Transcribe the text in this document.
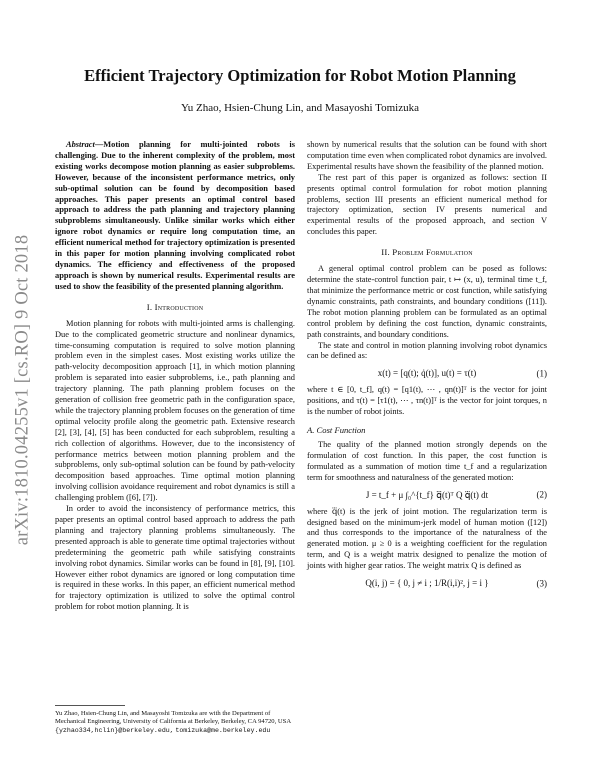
arXiv:1810.04255v1 [cs.RO] 9 Oct 2018
Efficient Trajectory Optimization for Robot Motion Planning
Yu Zhao, Hsien-Chung Lin, and Masayoshi Tomizuka

Abstract—Motion planning for multi-jointed robots is challenging. Due to the inherent complexity of the problem, most existing works decompose motion planning as easier subproblems. However, because of the inconsistent performance metrics, only sub-optimal solution can be found by decomposition based approaches. This paper presents an optimal control based approach to address the path planning and trajectory planning subproblems simultaneously. Unlike similar works which either ignore robot dynamics or require long computation time, an efficient numerical method for trajectory optimization is presented in this paper for motion planning involving complicated robot dynamics. The efficiency and effectiveness of the proposed approach is shown by numerical results. Experimental results are used to show the feasibility of the presented planning algorithm.

I. Introduction

Motion planning for robots with multi-jointed arms is challenging. Due to the complicated geometric structure and nonlinear dynamics, time-consuming computation is required to solve motion planning problem even in the simplest cases. Most existing works utilize the path-velocity decomposition approach [1], in which motion planning problem is separated into easier subproblems, i.e., path planning and trajectory planning. The path planning problem focuses on the generation of collision free geometric path in the configuration space, while the trajectory planning problem focuses on the generation of time optimal velocity profile along the geometric path. Extensive research [2], [3], [4], [5] has been conducted for each subproblem, resulting a rich collection of algorithms. However, due to the inconsistency of performance metrics between motion planning problem and the subproblems, only sub-optimal solution can be found by path-velocity decomposition based approaches. Time optimal motion planning involving collision avoidance requirement and robot dynamics is still a challenging problem ([6], [7]).

In order to avoid the inconsistency of performance metrics, this paper presents an optimal control based approach to address the path planning and trajectory planning problems simultaneously. The presented approach is able to generate time optimal trajectories without predetermining the geometric path while satisfying constraints involving robot dynamics. Similar works can be found in [8], [9], [10]. However either robot dynamics are ignored or long computation time is required in these works. In this paper, an efficient numerical method for trajectory optimization is utilized to solve the optimal control problem for robot motion planning. It is

Yu Zhao, Hsien-Chung Lin, and Masayoshi Tomizuka are with the Department of Mechanical Engineering, University of California at Berkeley, Berkeley, CA 94720, USA {yzhao334,hclin}@berkeley.edu, tomizuka@me.berkeley.edu

shown by numerical results that the solution can be found with short computation time even when complicated robot dynamics are involved. Experimental results have shown the feasibility of the planned motion.

The rest part of this paper is organized as follows: section II presents optimal control formulation for robot motion planning problems, section III presents an efficient numerical method for trajectory optimization, section IV presents numerical and experimental results of the proposed approach, and section V concludes this paper.

II. Problem Formulation

A general optimal control problem can be posed as follows: determine the state-control function pair, t ↦ (x, u), terminal time t_f, that minimize the performance metric or cost function, while satisfying dynamic constraints, path constraints, and boundary conditions ([11]). The robot motion planning problem can be formulated as an optimal control problem by defining the cost function, dynamic constraints, path constraints, and boundary conditions.

The state and control in motion planning involving robot dynamics can be defined as:

x(t) = [q(t); q̇(t)], u(t) = τ(t)	(1)

where t ∈ [0, t_f], q(t) = [q1(t), ⋯ , qn(t)]ᵀ is the vector for joint positions, and τ(t) = [τ1(t), ⋯ , τn(t)]ᵀ is the vector for joint torques, n is the number of robot joints.

A. Cost Function

The quality of the planned motion strongly depends on the formulation of cost function. In this paper, the cost function is formulated as a summation of motion time t_f and a regularization term for smoothness and naturalness of the generated motion:

J = t_f + μ ∫₀^{t_f} q⃛(t)ᵀ Q q⃛(t) dt	(2)

where q⃛(t) is the jerk of joint motion. The regularization term is designed based on the minimum-jerk model of human motion ([12]) and thus corresponds to the importance of the naturalness of the generated motion. μ ≥ 0 is a weighting coefficient for the regulation term, and Q is a weight matrix designed to penalize the motion of joints with higher gear ratios. The weight matrix Q is defined as

Q(i, j) = { 0, j ≠ i ; 1/R(i,i)², j = i }	(3)
